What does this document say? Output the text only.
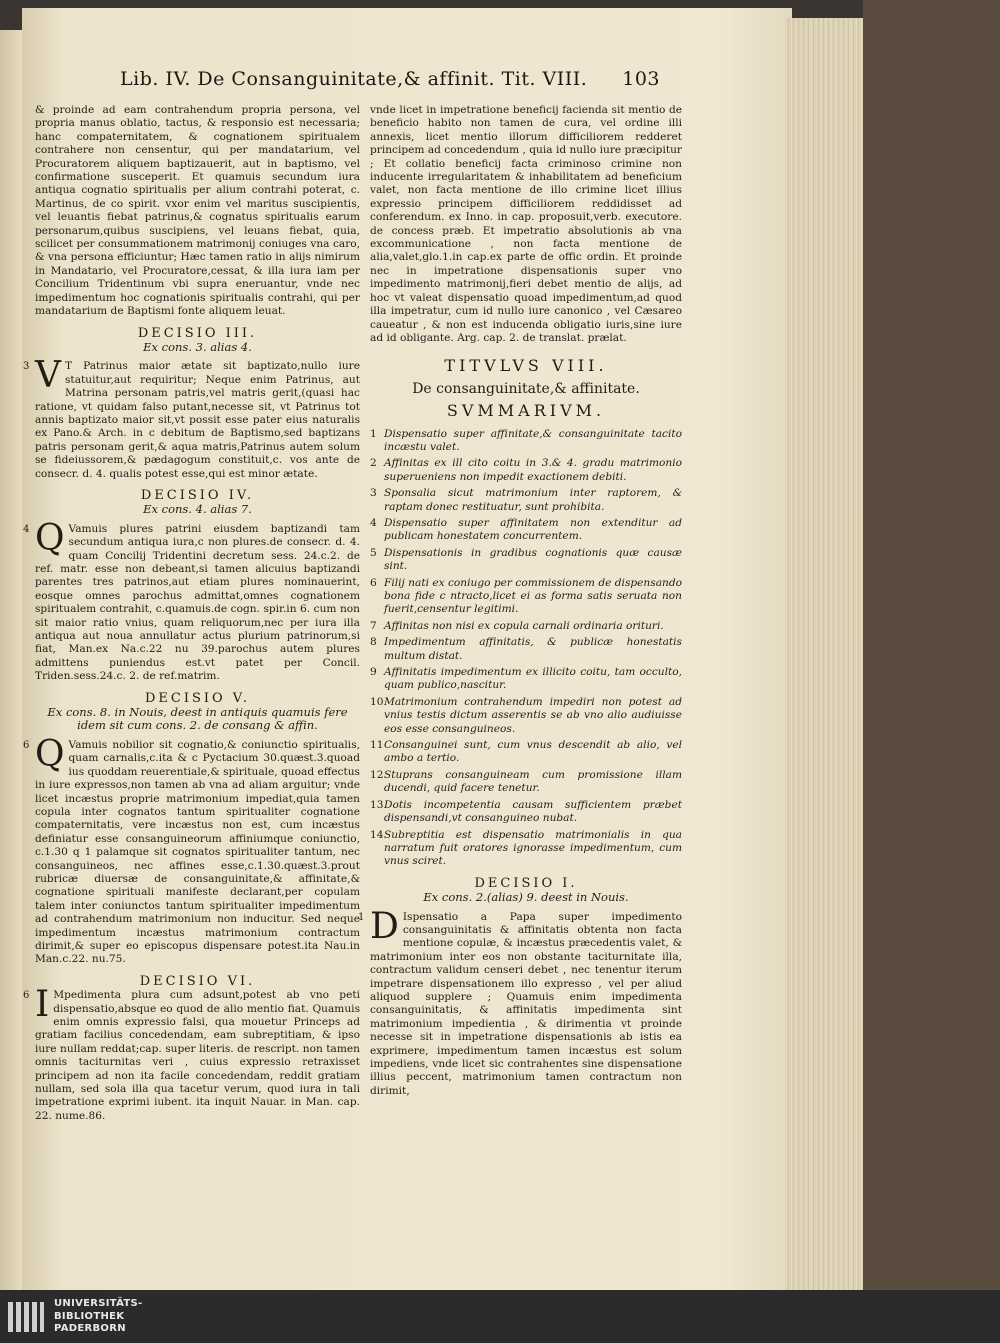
Lib. IV. De Consanguinitate,& affinit. Tit. VIII. 103

& proinde ad eam contrahendum propria persona, vel propria manus oblatio, tactus, & responsio est necessaria; hanc compaternitatem, & cognationem spiritualem contrahere non censentur, qui per mandatarium, vel Procuratorem aliquem baptizauerit, aut in baptismo, vel confirmatione susceperit. Et quamuis secundum iura antiqua cognatio spiritualis per alium contrahi poterat, c. Martinus, de co spirit. vxor enim vel maritus suscipientis, vel leuantis fiebat patrinus,& cognatus spiritualis earum personarum,quibus suscipiens, vel leuans fiebat, quia, scilicet per consummationem matrimonij coniuges vna caro, & vna persona efficiuntur; Hæc tamen ratio in alijs nimirum in Mandatario, vel Procuratore,cessat, & illa iura iam per Concilium Tridentinum vbi supra eneruantur, vnde nec impedimentum hoc cognationis spiritualis contrahi, qui per mandatarium de Baptismi fonte aliquem leuat.

DECISIO III.
Ex cons. 3. alias 4.

3 V T Patrinus maior ætate sit baptizato,nullo iure statuitur,aut requiritur; Neque enim Patrinus, aut Matrina personam patris,vel matris gerit,(quasi hac ratione, vt quidam falso putant,necesse sit, vt Patrinus tot annis baptizato maior sit,vt possit esse pater eius naturalis ex Pano.& Arch. in c debitum de Baptismo,sed baptizans patris personam gerit,& aqua matris,Patrinus autem solum se fideiussorem,& pædagogum constituit,c. vos ante de consecr. d. 4. qualis potest esse,qui est minor ætate.

DECISIO IV.
Ex cons. 4. alias 7.

4 Q Vamuis plures patrini eiusdem baptizandi tam secundum antiqua iura,c non plures.de consecr. d. 4. quam Concilij Tridentini decretum sess. 24.c.2. de ref. matr. esse non debeant,si tamen alicuius baptizandi parentes tres patrinos,aut etiam plures nominauerint, eosque omnes parochus admittat,omnes cognationem spiritualem contrahit, c.quamuis.de cogn. spir.in 6. cum non sit maior ratio vnius, quam reliquorum,nec per iura illa antiqua aut noua annullatur actus plurium patrinorum,si fiat, Man.ex Na.c.22 nu 39.parochus autem plures admittens puniendus est.vt patet per Concil. Triden.sess.24.c. 2. de ref.matrim.

DECISIO V.
Ex cons. 8. in Nouis, deest in antiquis quamuis fere idem sit cum cons. 2. de consang & affin.

6 Q Vamuis nobilior sit cognatio,& coniunctio spiritualis, quam carnalis,c.ita & c Pyctacium 30.quæst.3.quoad ius quoddam reuerentiale,& spirituale, quoad effectus in iure expressos,non tamen ab vna ad aliam arguitur; vnde licet incæstus proprie matrimonium impediat,quia tamen copula inter cognatos tantum spiritualiter cognatione compaternitatis, vere incæstus non est, cum incæstus definiatur esse consanguineorum affiniumque coniunctio, c.1.30 q 1 palamque sit cognatos spiritualiter tantum, nec consanguineos, nec affines esse,c.1.30.quæst.3.prout rubricæ diuersæ de consanguinitate,& affinitate,& cognatione spirituali manifeste declarant,per copulam talem inter coniunctos tantum spiritualiter impedimentum ad contrahendum matrimonium non inducitur. Sed neque impedimentum incæstus matrimonium contractum dirimit,& super eo episcopus dispensare potest.ita Nau.in Man.c.22. nu.75.

DECISIO VI.

6 I Mpedimenta plura cum adsunt,potest ab vno peti dispensatio,absque eo quod de alio mentio fiat. Quamuis enim omnis expressio falsi, qua mouetur Princeps ad gratiam facilius concedendam, eam subreptitiam, & ipso iure nullam reddat;cap. super literis. de rescript. non tamen omnis taciturnitas veri , cuius expressio retraxisset principem ad non ita facile concedendam, reddit gratiam nullam, sed sola illa qua tacetur verum, quod iura in tali impetratione exprimi iubent. ita inquit Nauar. in Man. cap. 22. nume.86.

vnde licet in impetratione beneficij facienda sit mentio de beneficio habito non tamen de cura, vel ordine illi annexis, licet mentio illorum difficiliorem redderet principem ad concedendum , quia id nullo iure præcipitur ; Et collatio beneficij facta criminoso crimine non inducente irregularitatem & inhabilitatem ad beneficium valet, non facta mentione de illo crimine licet illius expressio principem difficiliorem reddidisset ad conferendum. ex Inno. in cap. proposuit,verb. executore. de concess præb. Et impetratio absolutionis ab vna excommunicatione , non facta mentione de alia,valet,glo.1.in cap.ex parte de offic ordin. Et proinde nec in impetratione dispensationis super vno impedimento matrimonij,fieri debet mentio de alijs, ad hoc vt valeat dispensatio quoad impedimentum,ad quod illa impetratur, cum id nullo iure canonico , vel Cæsareo caueatur , & non est inducenda obligatio iuris,sine iure ad id obligante. Arg. cap. 2. de translat. prælat.

TITVLVS VIII.
De consanguinitate,& affinitate.
SVMMARIVM.
1 Dispensatio super affinitate,& consanguinitate tacito incæstu valet.
2 Affinitas ex ill cito coitu in 3.& 4. gradu matrimonio superueniens non impedit exactionem debiti.
3 Sponsalia sicut matrimonium inter raptorem, & raptam donec restituatur, sunt prohibita.
4 Dispensatio super affinitatem non extenditur ad publicam honestatem concurrentem.
5 Dispensationis in gradibus cognationis quæ causæ sint.
6 Filij nati ex coniugo per commissionem de dispensando bona fide c ntracto,licet ei as forma satis seruata non fuerit,censentur legitimi.
7 Affinitas non nisi ex copula carnali ordinaria orituri.
8 Impedimentum affinitatis, & publicæ honestatis multum distat.
9 Affinitatis impedimentum ex illicito coitu, tam occulto, quam publico,nascitur.
10 Matrimonium contrahendum impediri non potest ad vnius testis dictum asserentis se ab vno alio audiuisse eos esse consanguineos.
11 Consanguinei sunt, cum vnus descendit ab alio, vel ambo a tertio.
12 Stuprans consanguineam cum promissione illam ducendi, quid facere tenetur.
13 Dotis incompetentia causam sufficientem præbet dispensandi,vt consanguineo nubat.
14 Subreptitia est dispensatio matrimonialis in qua narratum fuit oratores ignorasse impedimentum, cum vnus sciret.
DECISIO I.
Ex cons. 2.(alias) 9. deest in Nouis.

1 D Ispensatio a Papa super impedimento consanguinitatis & affinitatis obtenta non facta mentione copulæ, & incæstus præcedentis valet, & matrimonium inter eos non obstante taciturnitate illa, contractum validum censeri debet , nec tenentur iterum impetrare dispensationem illo expresso , vel per aliud aliquod supplere ; Quamuis enim impedimenta consanguinitatis, & affinitatis impedimenta sint matrimonium impedientia , & dirimentia vt proinde necesse sit in impetratione dispensationis ab istis ea exprimere, impedimentum tamen incæstus est solum impediens, vnde licet sic contrahentes sine dispensatione illius peccent, matrimonium tamen contractum non dirimit,

UNIVERSITÄTS-
BIBLIOTHEK
PADERBORN
